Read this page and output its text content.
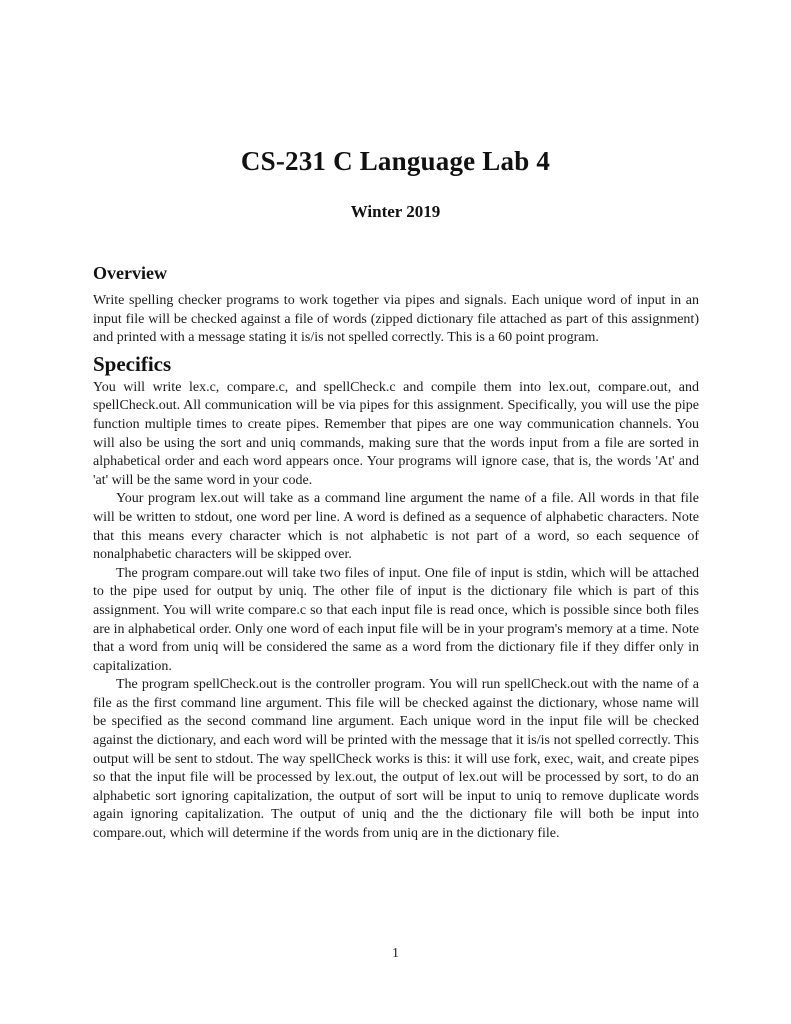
CS-231 C Language Lab 4
Winter 2019
Overview

Write spelling checker programs to work together via pipes and signals. Each unique word of input in an input file will be checked against a file of words (zipped dictionary file attached as part of this assignment) and printed with a message stating it is/is not spelled correctly. This is a 60 point program.

Specifics

You will write lex.c, compare.c, and spellCheck.c and compile them into lex.out, compare.out, and spellCheck.out. All communication will be via pipes for this assignment. Specifically, you will use the pipe function multiple times to create pipes. Remember that pipes are one way communication channels. You will also be using the sort and uniq commands, making sure that the words input from a file are sorted in alphabetical order and each word appears once. Your programs will ignore case, that is, the words 'At' and 'at' will be the same word in your code.

Your program lex.out will take as a command line argument the name of a file. All words in that file will be written to stdout, one word per line. A word is defined as a sequence of alphabetic characters. Note that this means every character which is not alphabetic is not part of a word, so each sequence of nonalphabetic characters will be skipped over.

The program compare.out will take two files of input. One file of input is stdin, which will be attached to the pipe used for output by uniq. The other file of input is the dictionary file which is part of this assignment. You will write compare.c so that each input file is read once, which is possible since both files are in alphabetical order. Only one word of each input file will be in your program's memory at a time. Note that a word from uniq will be considered the same as a word from the dictionary file if they differ only in capitalization.

The program spellCheck.out is the controller program. You will run spellCheck.out with the name of a file as the first command line argument. This file will be checked against the dictionary, whose name will be specified as the second command line argument. Each unique word in the input file will be checked against the dictionary, and each word will be printed with the message that it is/is not spelled correctly. This output will be sent to stdout. The way spellCheck works is this: it will use fork, exec, wait, and create pipes so that the input file will be processed by lex.out, the output of lex.out will be processed by sort, to do an alphabetic sort ignoring capitalization, the output of sort will be input to uniq to remove duplicate words again ignoring capitalization. The output of uniq and the the dictionary file will both be input into compare.out, which will determine if the words from uniq are in the dictionary file.

1
